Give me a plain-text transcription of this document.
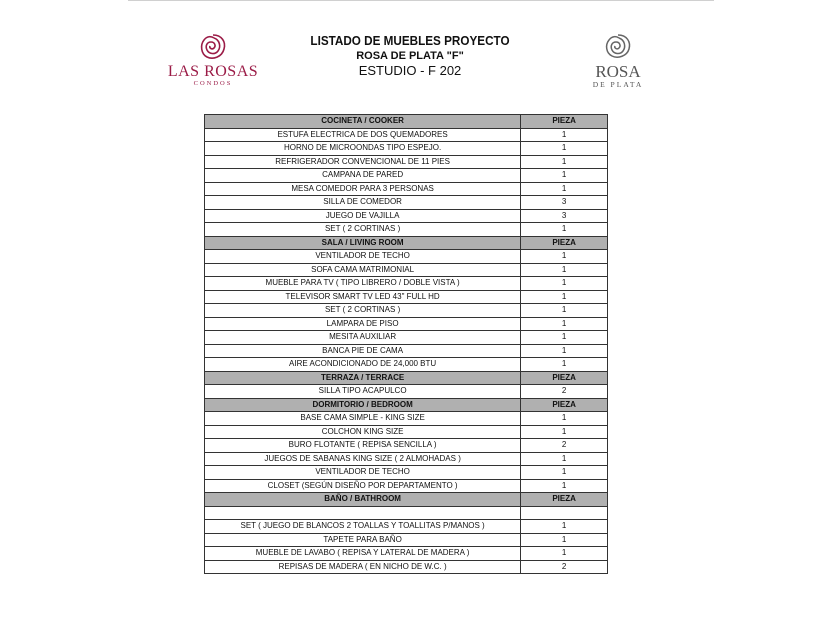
LAS ROSAS
CONDOS
LISTADO DE MUEBLES PROYECTO
ROSA DE PLATA "F"
ESTUDIO - F 202	ROSA
DE PLATA
COCINETA / COOKER	PIEZA
ESTUFA ELECTRICA DE DOS QUEMADORES	1
HORNO DE MICROONDAS TIPO ESPEJO.	1
REFRIGERADOR CONVENCIONAL DE 11 PIES	1
CAMPANA DE PARED	1
MESA COMEDOR PARA 3 PERSONAS	1
SILLA DE COMEDOR	3
JUEGO DE VAJILLA	3
SET ( 2 CORTINAS )	1
SALA / LIVING ROOM	PIEZA
VENTILADOR DE TECHO	1
SOFA CAMA MATRIMONIAL	1
MUEBLE PARA TV ( TIPO LIBRERO / DOBLE VISTA )	1
TELEVISOR SMART TV LED 43" FULL HD	1
SET ( 2 CORTINAS )	1
LAMPARA DE PISO	1
MESITA AUXILIAR	1
BANCA PIE DE CAMA	1
AIRE ACONDICIONADO DE 24,000 BTU	1
TERRAZA / TERRACE	PIEZA
SILLA TIPO ACAPULCO	2
DORMITORIO / BEDROOM	PIEZA
BASE CAMA SIMPLE - KING SIZE	1
COLCHON KING SIZE	1
BURO FLOTANTE ( REPISA SENCILLA )	2
JUEGOS DE SABANAS KING SIZE ( 2 ALMOHADAS )	1
VENTILADOR DE TECHO	1
CLOSET (SEGÚN DISEÑO POR DEPARTAMENTO )	1
BAÑO / BATHROOM	PIEZA
SET ( JUEGO DE BLANCOS 2 TOALLAS Y TOALLITAS P/MANOS )	1
TAPETE PARA BAÑO	1
MUEBLE DE LAVABO ( REPISA Y LATERAL DE MADERA )	1
REPISAS DE MADERA ( EN NICHO DE W.C. )	2
